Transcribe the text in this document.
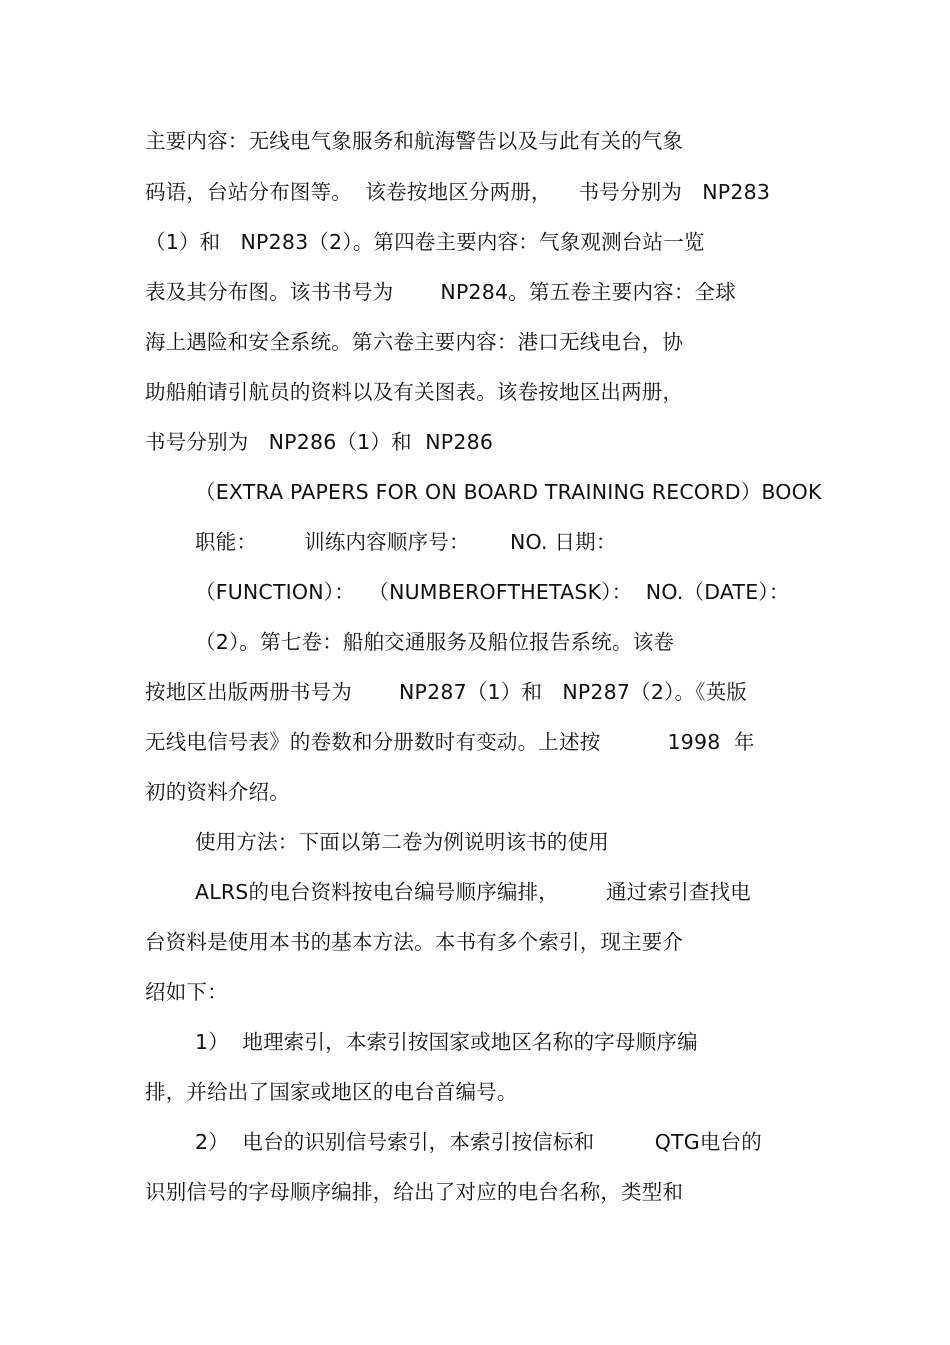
主要内容：无线电气象服务和航海警告以及与此有关的气象
码语，台站分布图等。  该卷按地区分两册，    书号分别为   NP283
（1）和   NP283（2）。第四卷主要内容：气象观测台站一览
表及其分布图。该书书号为       NP284。第五卷主要内容：全球
海上遇险和安全系统。第六卷主要内容：港口无线电台，协
助船舶请引航员的资料以及有关图表。该卷按地区出两册，
书号分别为   NP286（1）和  NP286
（EXTRA PAPERS FOR ON BOARD TRAINING RECORD）BOOK
职能：       训练内容顺序号：      NO. 日期：
（FUNCTION）：  （NUMBEROFTHETASK）：  NO.（DATE）：
（2）。第七卷：船舶交通服务及船位报告系统。该卷
按地区出版两册书号为       NP287（1）和   NP287（2）。《英版
无线电信号表》的卷数和分册数时有变动。上述按          1998  年
初的资料介绍。
使用方法：下面以第二卷为例说明该书的使用
ALRS的电台资料按电台编号顺序编排，       通过索引查找电
台资料是使用本书的基本方法。本书有多个索引，现主要介
绍如下：
1）  地理索引，本索引按国家或地区名称的字母顺序编
排，并给出了国家或地区的电台首编号。
2）  电台的识别信号索引，本索引按信标和         QTG电台的
识别信号的字母顺序编排，给出了对应的电台名称，类型和
